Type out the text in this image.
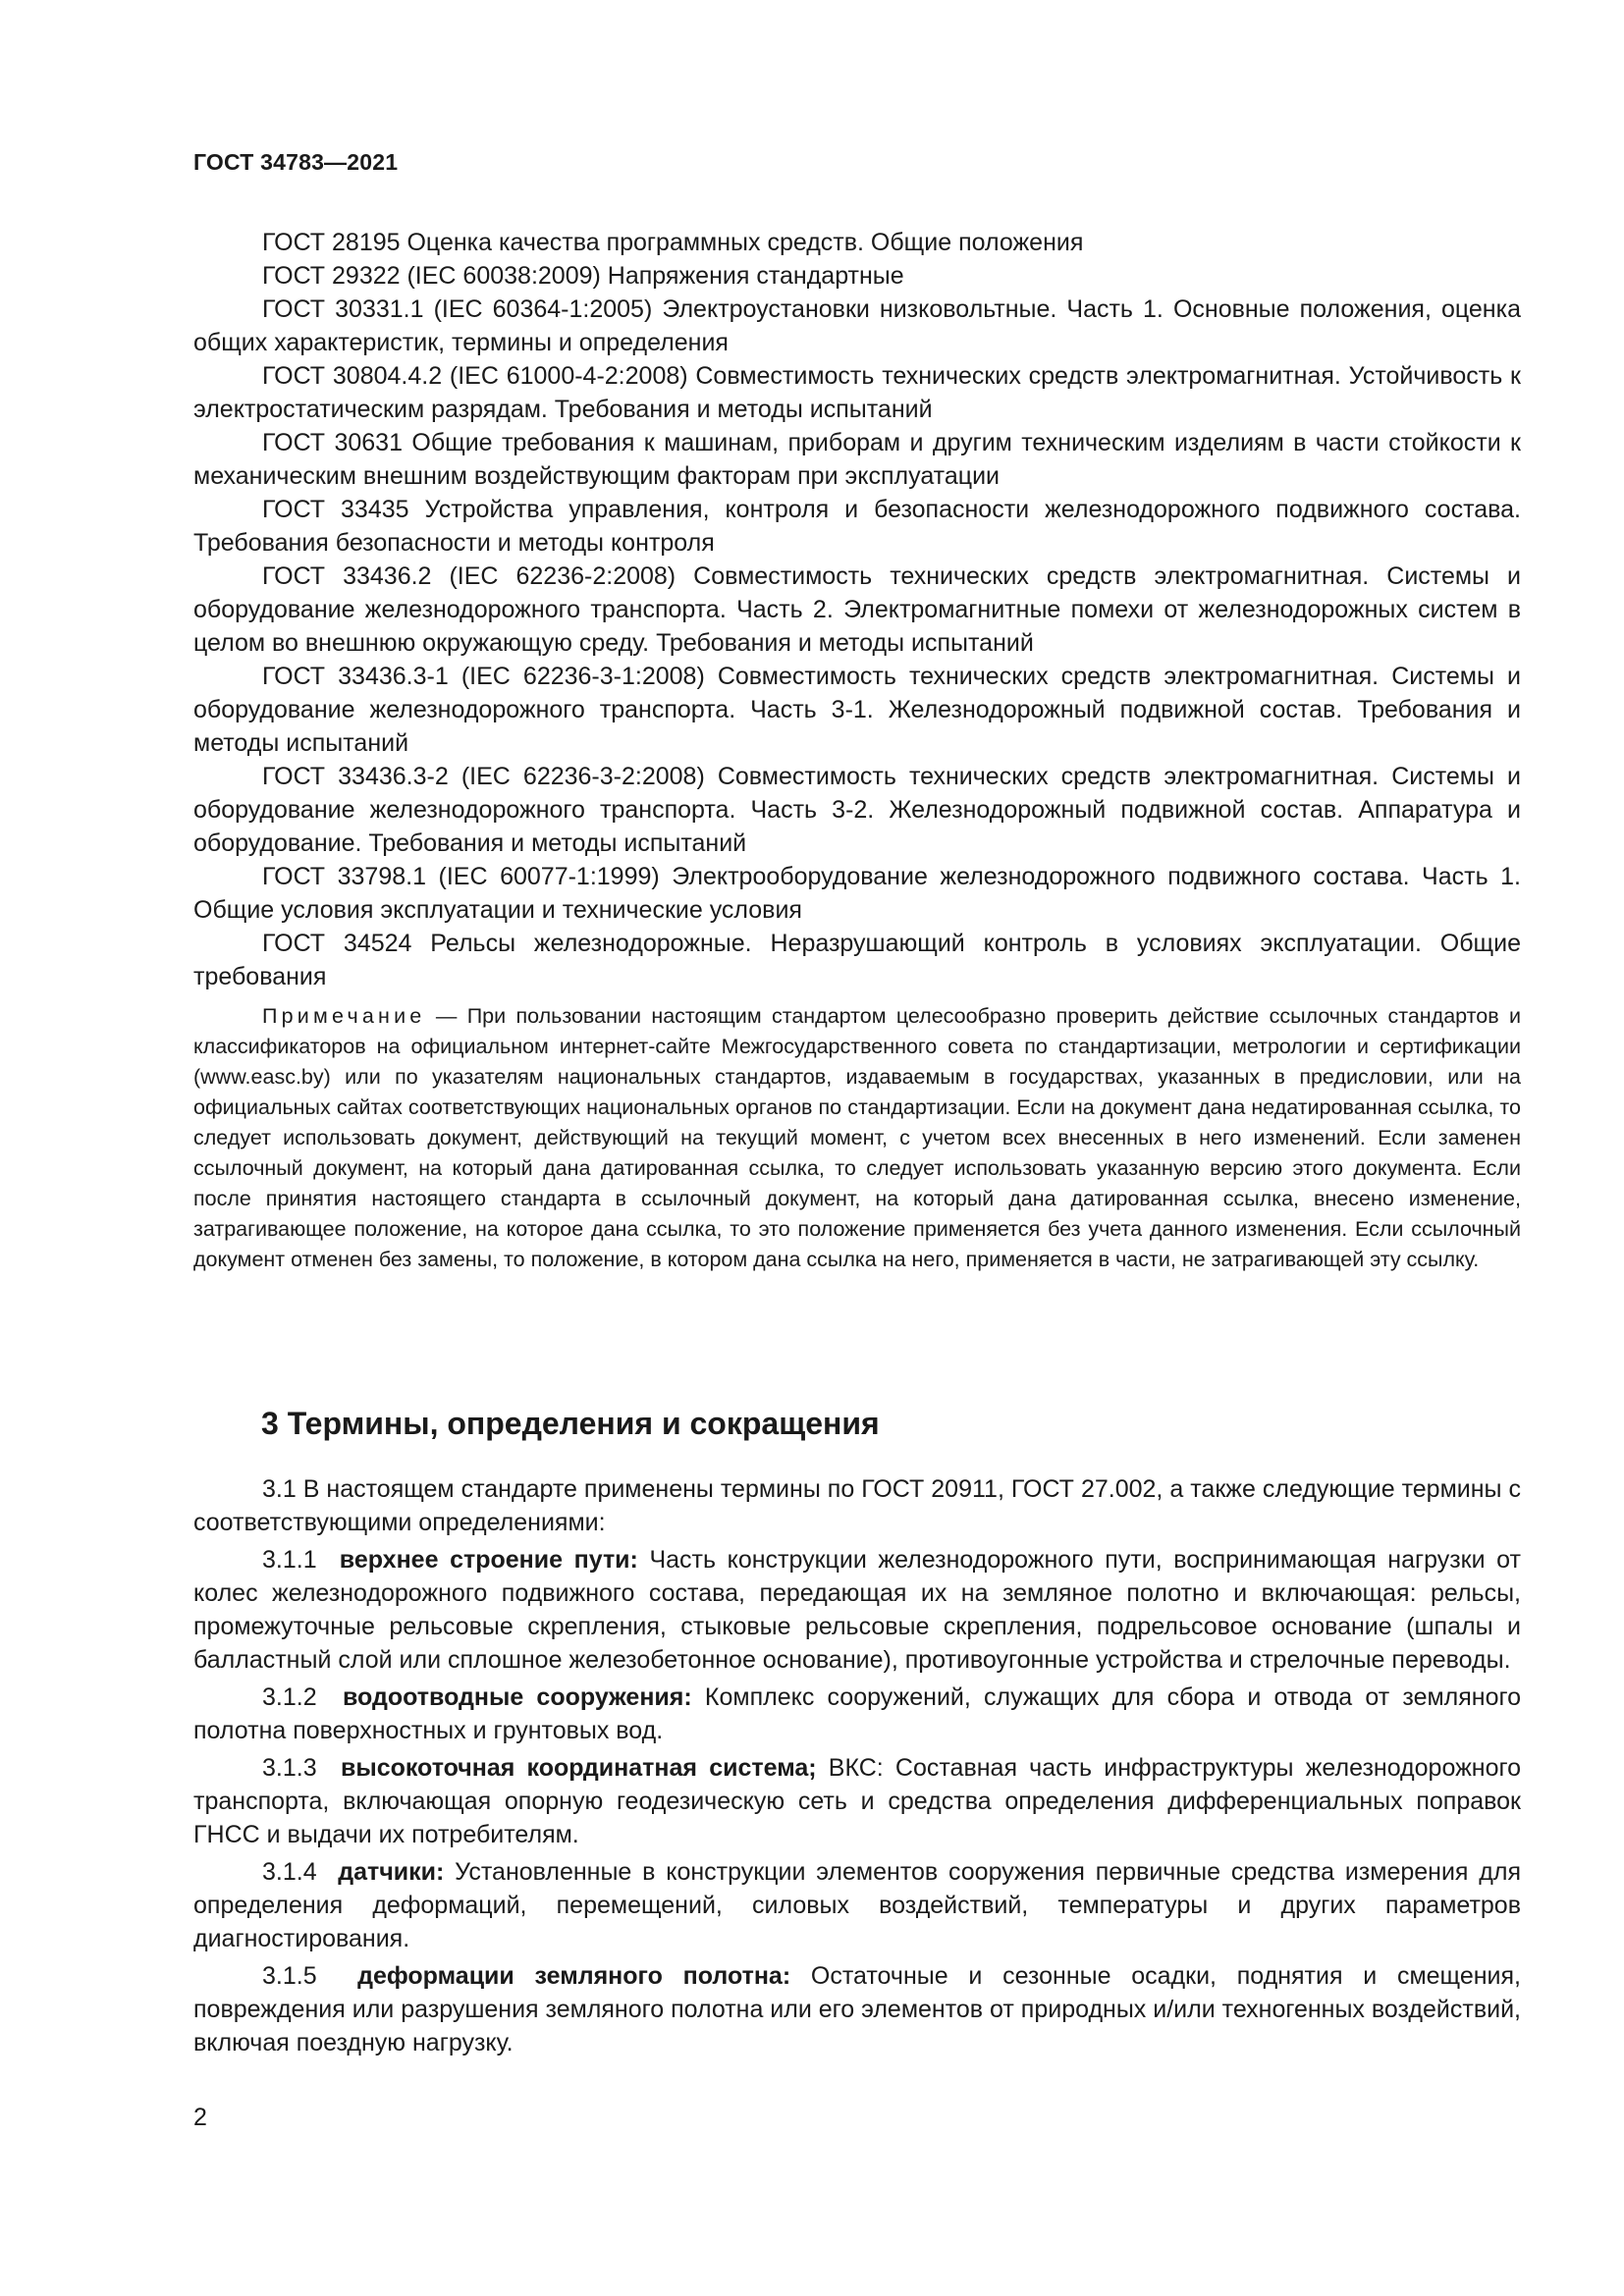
ГОСТ 34783—2021

ГОСТ 28195 Оценка качества программных средств. Общие положения

ГОСТ 29322 (IEC 60038:2009) Напряжения стандартные

ГОСТ 30331.1 (IEC 60364-1:2005) Электроустановки низковольтные. Часть 1. Основные положения, оценка общих характеристик, термины и определения

ГОСТ 30804.4.2 (IEC 61000-4-2:2008) Совместимость технических средств электромагнитная. Устойчивость к электростатическим разрядам. Требования и методы испытаний

ГОСТ 30631 Общие требования к машинам, приборам и другим техническим изделиям в части стойкости к механическим внешним воздействующим факторам при эксплуатации

ГОСТ 33435 Устройства управления, контроля и безопасности железнодорожного подвижного состава. Требования безопасности и методы контроля

ГОСТ 33436.2 (IEC 62236-2:2008) Совместимость технических средств электромагнитная. Системы и оборудование железнодорожного транспорта. Часть 2. Электромагнитные помехи от железнодорожных систем в целом во внешнюю окружающую среду. Требования и методы испытаний

ГОСТ 33436.3-1 (IEC 62236-3-1:2008) Совместимость технических средств электромагнитная. Системы и оборудование железнодорожного транспорта. Часть 3-1. Железнодорожный подвижной состав. Требования и методы испытаний

ГОСТ 33436.3-2 (IEC 62236-3-2:2008) Совместимость технических средств электромагнитная. Системы и оборудование железнодорожного транспорта. Часть 3-2. Железнодорожный подвижной состав. Аппаратура и оборудование. Требования и методы испытаний

ГОСТ 33798.1 (IEC 60077-1:1999) Электрооборудование железнодорожного подвижного состава. Часть 1. Общие условия эксплуатации и технические условия

ГОСТ 34524 Рельсы железнодорожные. Неразрушающий контроль в условиях эксплуатации. Общие требования

Примечание — При пользовании настоящим стандартом целесообразно проверить действие ссылочных стандартов и классификаторов на официальном интернет-сайте Межгосударственного совета по стандартизации, метрологии и сертификации (www.easc.by) или по указателям национальных стандартов, издаваемым в государствах, указанных в предисловии, или на официальных сайтах соответствующих национальных органов по стандартизации. Если на документ дана недатированная ссылка, то следует использовать документ, действующий на текущий момент, с учетом всех внесенных в него изменений. Если заменен ссылочный документ, на который дана датированная ссылка, то следует использовать указанную версию этого документа. Если после принятия настоящего стандарта в ссылочный документ, на который дана датированная ссылка, внесено изменение, затрагивающее положение, на которое дана ссылка, то это положение применяется без учета данного изменения. Если ссылочный документ отменен без замены, то положение, в котором дана ссылка на него, применяется в части, не затрагивающей эту ссылку.

3 Термины, определения и сокращения

3.1 В настоящем стандарте применены термины по ГОСТ 20911, ГОСТ 27.002, а также следующие термины с соответствующими определениями:

3.1.1 верхнее строение пути: Часть конструкции железнодорожного пути, воспринимающая нагрузки от колес железнодорожного подвижного состава, передающая их на земляное полотно и включающая: рельсы, промежуточные рельсовые скрепления, стыковые рельсовые скрепления, подрельсовое основание (шпалы и балластный слой или сплошное железобетонное основание), противоугонные устройства и стрелочные переводы.

3.1.2 водоотводные сооружения: Комплекс сооружений, служащих для сбора и отвода от земляного полотна поверхностных и грунтовых вод.

3.1.3 высокоточная координатная система; ВКС: Составная часть инфраструктуры железнодорожного транспорта, включающая опорную геодезическую сеть и средства определения дифференциальных поправок ГНСС и выдачи их потребителям.

3.1.4 датчики: Установленные в конструкции элементов сооружения первичные средства измерения для определения деформаций, перемещений, силовых воздействий, температуры и других параметров диагностирования.

3.1.5 деформации земляного полотна: Остаточные и сезонные осадки, поднятия и смещения, повреждения или разрушения земляного полотна или его элементов от природных и/или техногенных воздействий, включая поездную нагрузку.

2
